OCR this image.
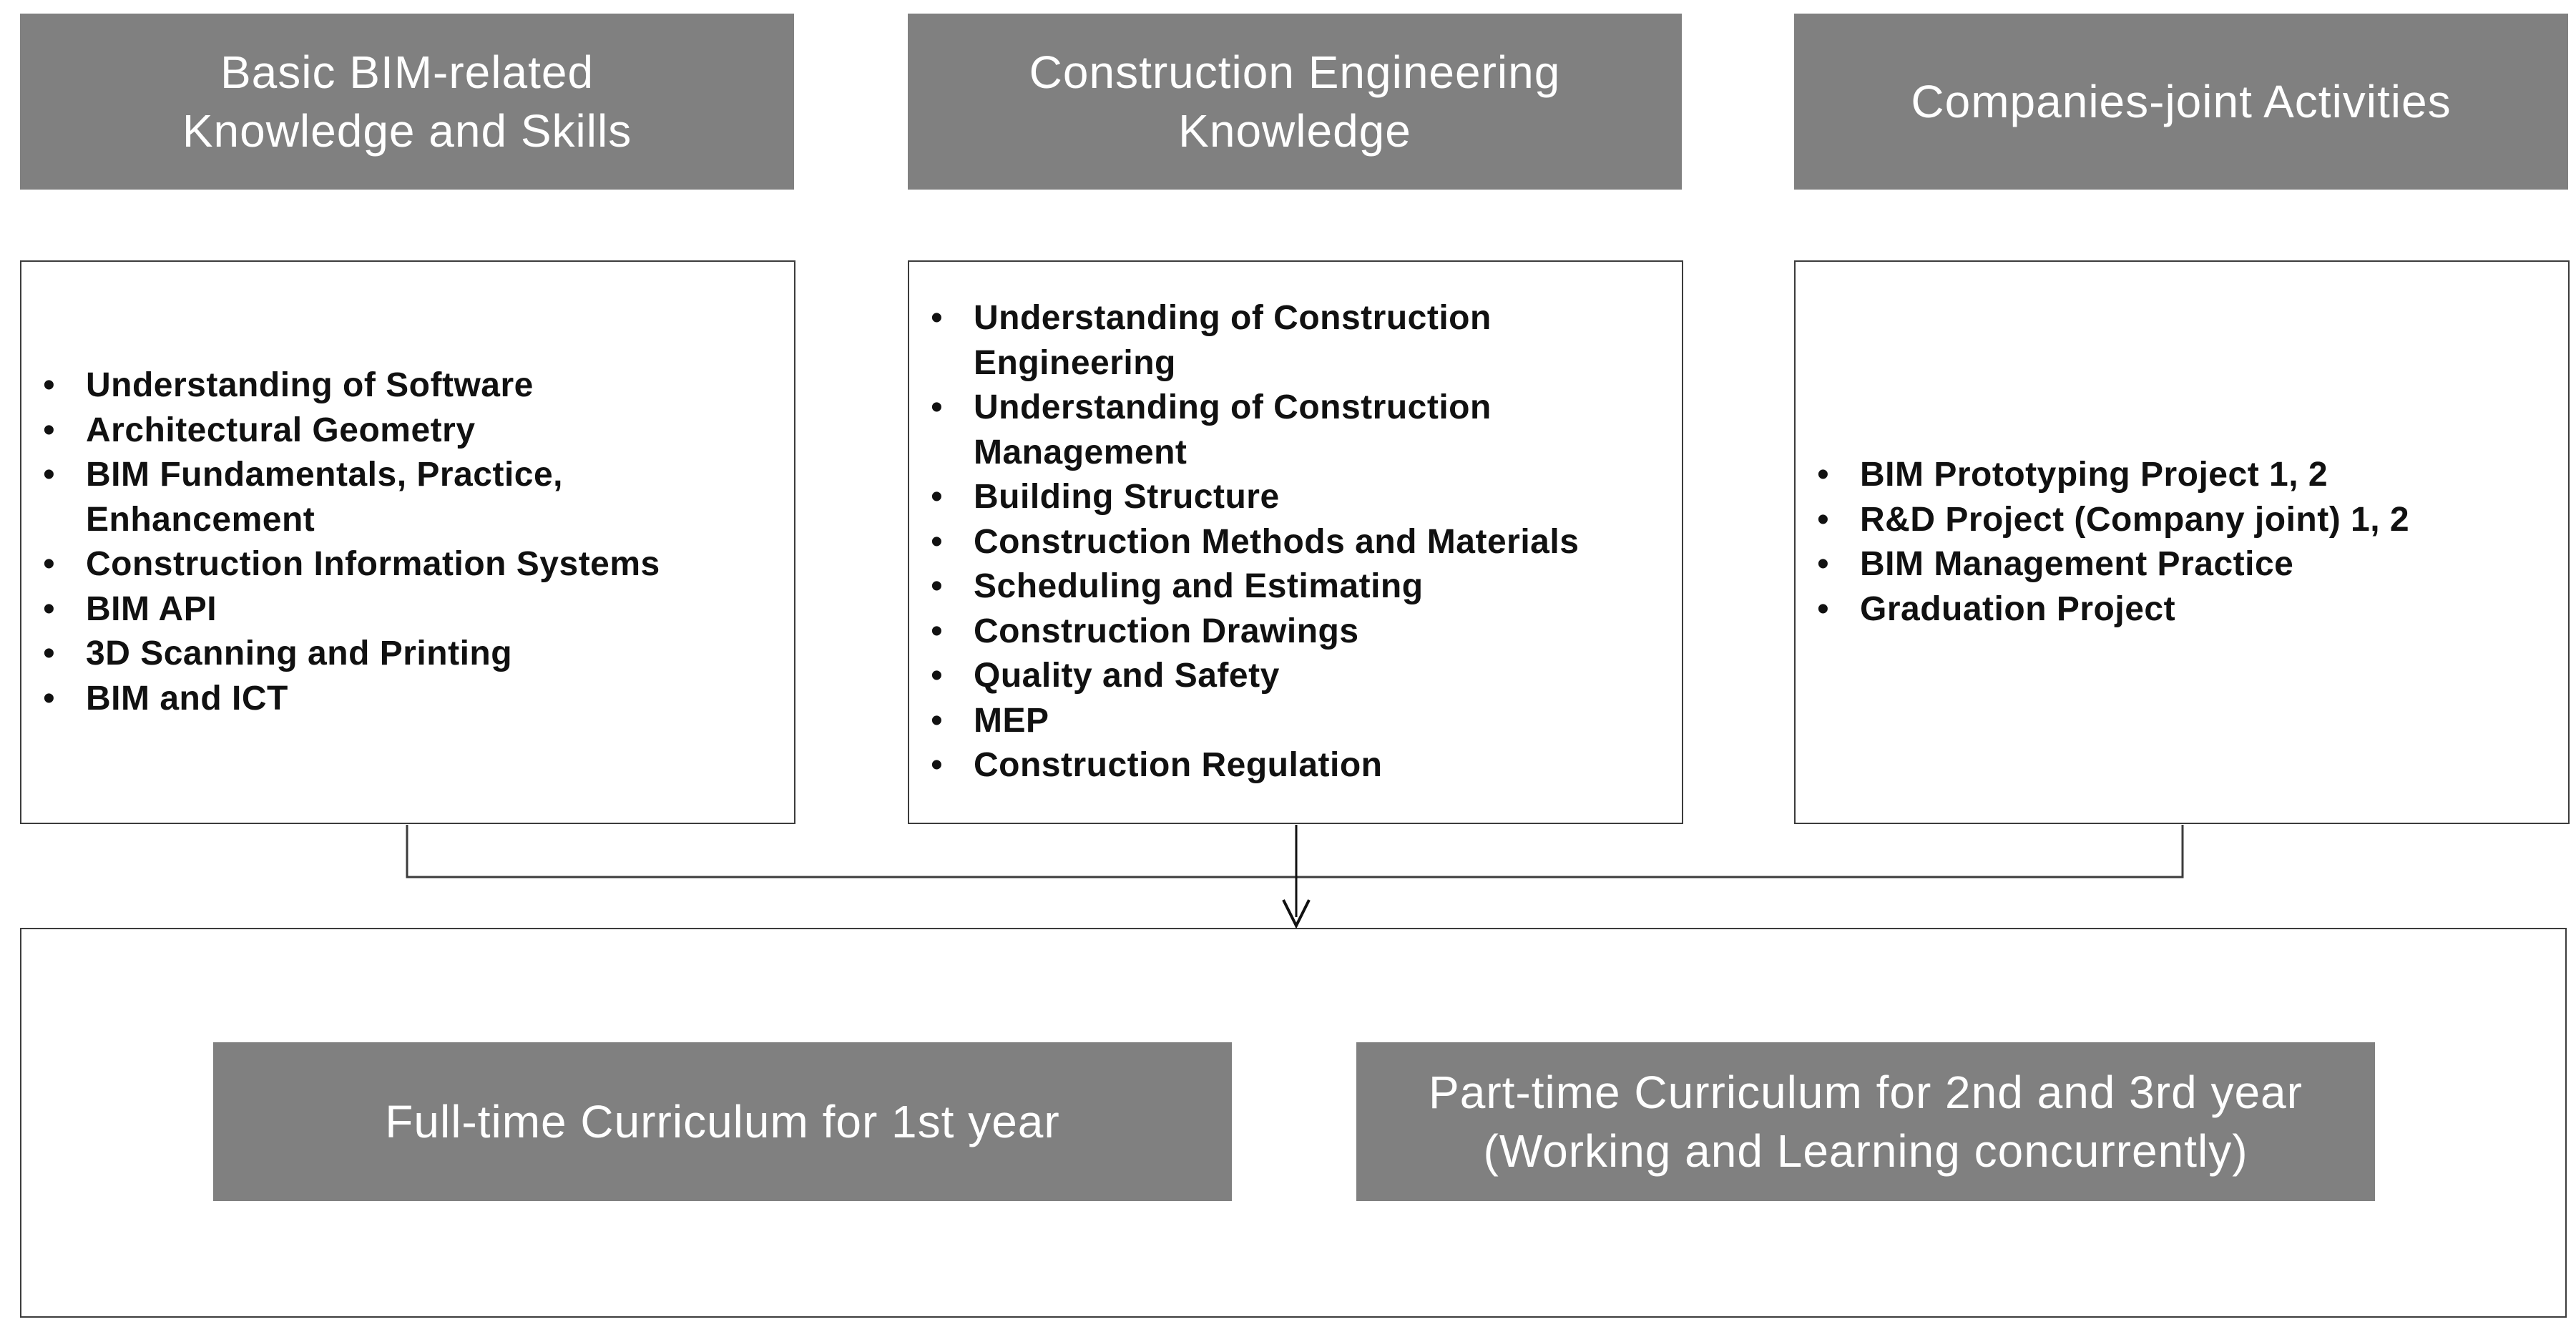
Basic BIM-related
Knowledge and Skills
Construction Engineering
Knowledge
Companies-joint Activities
• Understanding of Software
• Architectural Geometry
• BIM Fundamentals, Practice, Enhancement
• Construction Information Systems
• BIM API
• 3D Scanning and Printing
• BIM and ICT
• Understanding of Construction Engineering
• Understanding of Construction Management
• Building Structure
• Construction Methods and Materials
• Scheduling and Estimating
• Construction Drawings
• Quality and Safety
• MEP
• Construction Regulation
• BIM Prototyping Project 1, 2
• R&D Project (Company joint) 1, 2
• BIM Management Practice
• Graduation Project
Full-time Curriculum for 1st year
Part-time Curriculum for 2nd and 3rd year
(Working and Learning concurrently)
